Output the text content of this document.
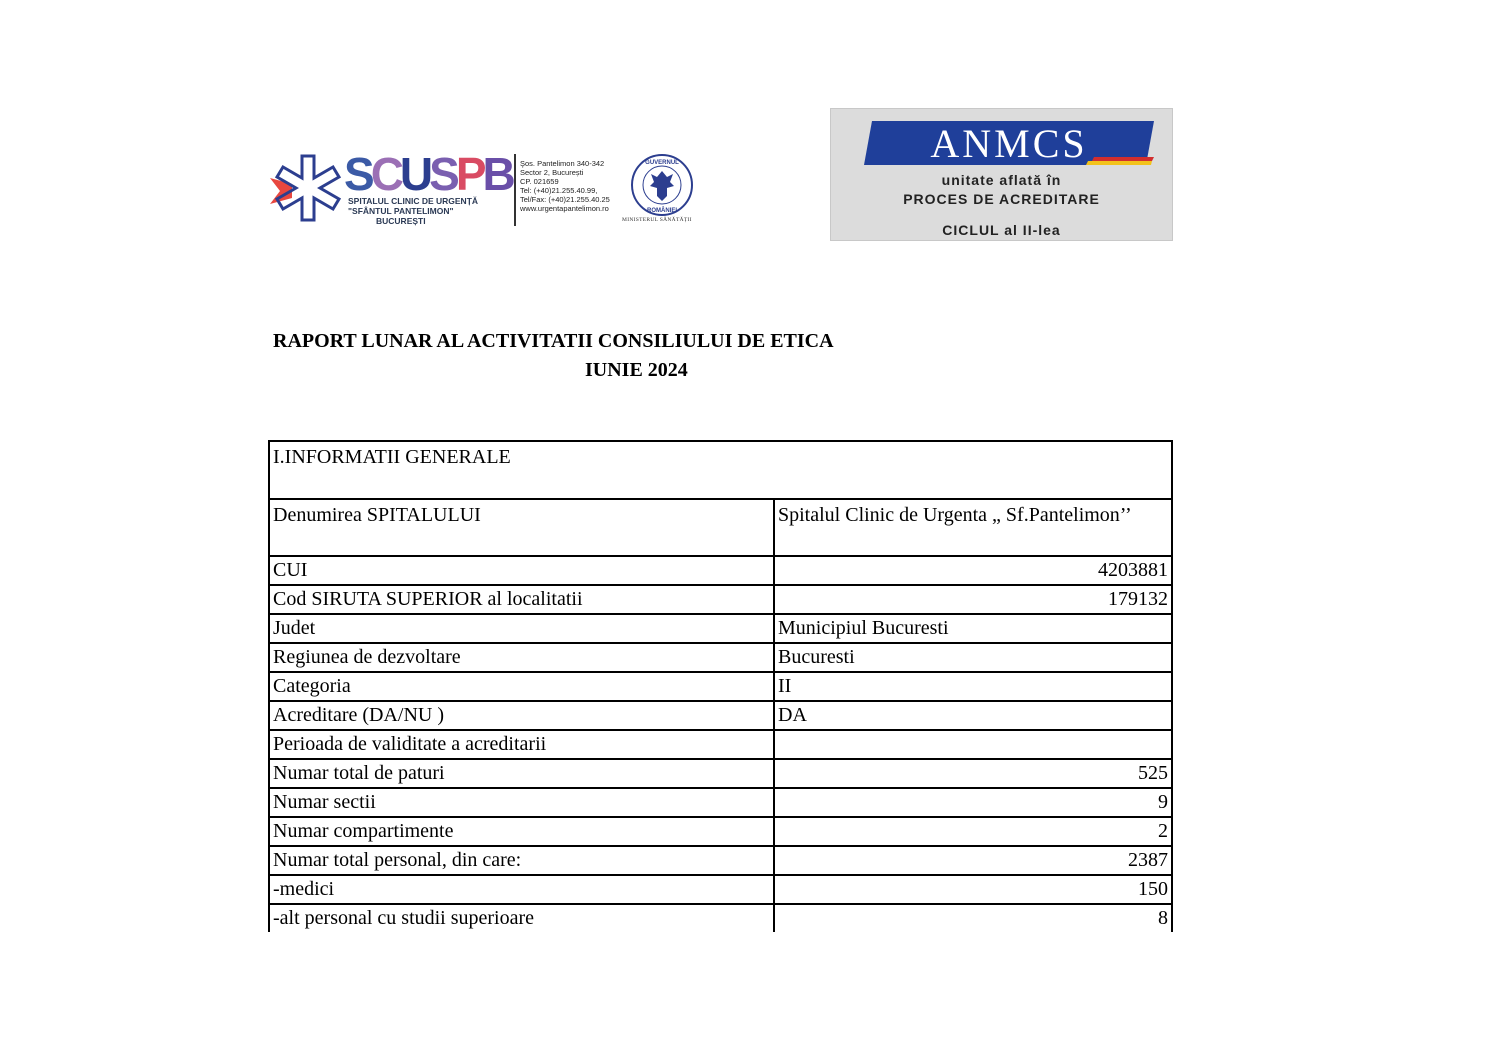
SCUSPB
SPITALUL CLINIC DE URGENȚĂ
"SFÂNTUL PANTELIMON"
BUCUREȘTI
Şos. Pantelimon 340-342
Sector 2, București
CP. 021659
Tel: (+40)21.255.40.99,
Tel/Fax: (+40)21.255.40.25
www.urgentapantelimon.ro
GUVERNUL
ROMÂNIEI
MINISTERUL SĂNĂTĂȚII
ANMCS
unitate aflată în
PROCES DE ACREDITARE
CICLUL al II-lea
RAPORT LUNAR AL ACTIVITATII CONSILIULUI DE ETICA
IUNIE 2024
I.INFORMATII GENERALE	
Denumirea SPITALULUI	Spitalul Clinic de Urgenta „ Sf.Pantelimon’’
CUI	4203881
Cod SIRUTA SUPERIOR al localitatii	179132
Judet	Municipiul Bucuresti
Regiunea de dezvoltare	Bucuresti
Categoria	II
Acreditare (DA/NU )	DA
Perioada de validitate a acreditarii	
Numar total de paturi	525
Numar sectii	9
Numar compartimente	2
Numar total personal, din care:	2387
-medici	150
-alt personal cu studii superioare	8
